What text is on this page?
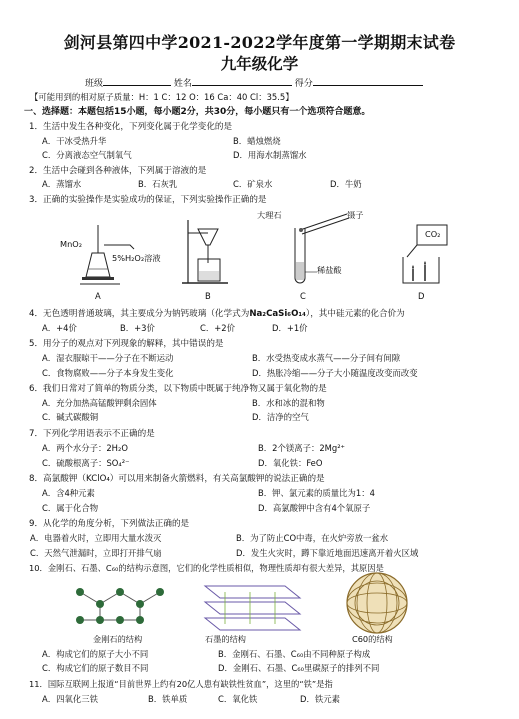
剑河县第四中学2021-2022学年度第一学期期末试卷
九年级化学
班级	姓名	得分
【可能用到的相对原子质量：H：1 C：12 O：16 Ca：40 Cl：35.5】
一、选择题：本题包括15小题，每小题2分，共30分，每小题只有一个选项符合题意。
1．生活中发生各种变化，下列变化属于化学变化的是
A．干冰受热升华	B．蜡烛燃烧
C．分离液态空气制氧气	D．用海水制蒸馏水
2．生活中会碰到各种液体，下列属于溶液的是
A．蒸馏水	B．石灰乳	C．矿泉水	D．牛奶
3．正确的实验操作是实验成功的保证，下列实验操作正确的是
MnO₂
5%H₂O₂溶液
大理石	镊子
稀盐酸
CO₂
A	B	C	D
4．无色透明普通玻璃，其主要成分为钠钙玻璃（化学式为Na₂CaSi₆O₁₄），其中硅元素的化合价为
A．+4价	B．+3价	C．+2价	D．+1价
5．用分子的观点对下列现象的解释，其中错误的是
A．湿衣服晾干——分子在不断运动	B．水受热变成水蒸气——分子间有间隙
C．食物腐败——分子本身发生变化	D．热胀冷缩——分子大小随温度改变而改变
6．我们日常对了简单的物质分类，以下物质中既属于纯净物又属于氧化物的是
A．充分加热高锰酸钾剩余固体	B．水和冰的混和物
C．碱式碳酸铜	D．洁净的空气
7．下列化学用语表示不正确的是
A．两个水分子：2H₂O	B．2个镁离子：2Mg²⁺
C．硫酸根离子：SO₄²⁻	D．氧化铁：FeO
8．高氯酸钾（KClO₄）可以用来制备火箭燃料，有关高氯酸钾的说法正确的是
A．含4种元素	B．钾、氯元素的质量比为1：4
C．属于化合物	D．高氯酸钾中含有4个氧原子
9．从化学的角度分析，下列做法正确的是
A．电器着火时，立即用大量水泼灭	B．为了防止CO中毒，在火炉旁放一盆水
C．天然气泄漏时，立即打开排气扇	D．发生火灾时，蹲下靠近地面迅速离开着火区域
10．金刚石、石墨、C₆₀的结构示意图，它们的化学性质相似，物理性质却有很大差异，其原因是
金刚石的结构	石墨的结构	C60的结构
A．构成它们的原子大小不同	B．金刚石、石墨、C₆₀由不同种原子构成
C．构成它们的原子数目不同	D．金刚石、石墨、C₆₀里碳原子的排列不同
11．国际互联网上报道“目前世界上约有20亿人患有缺铁性贫血”，这里的“铁”是指
A．四氧化三铁	B．铁单质	C．氧化铁	D．铁元素
